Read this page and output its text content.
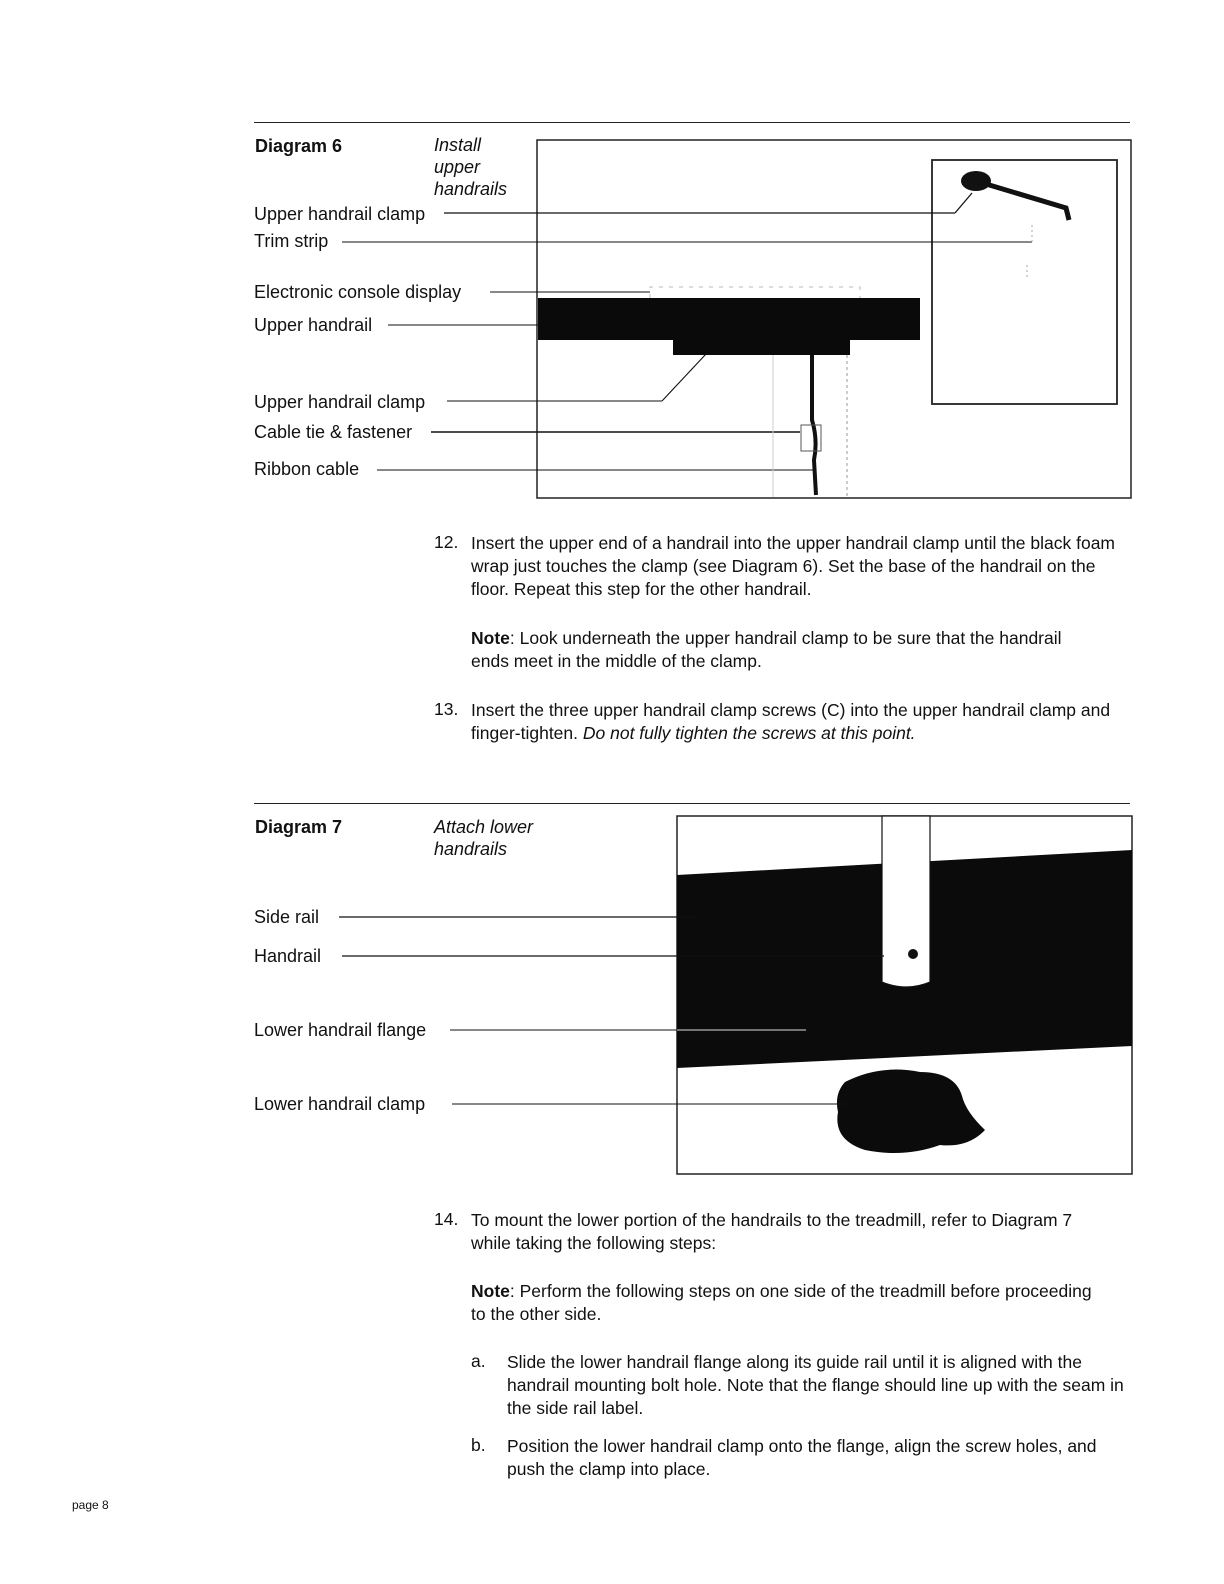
Diagram 6	Install
upper
handrails
Upper handrail clamp
Trim strip
Electronic console display
Upper handrail
Upper handrail clamp
Cable tie & fastener
Ribbon cable
12. Insert the upper end of a handrail into the upper handrail clamp until the black foam wrap just touches the clamp (see Diagram 6). Set the base of the handrail on the floor. Repeat this step for the other handrail.
Note: Look underneath the upper handrail clamp to be sure that the handrail ends meet in the middle of the clamp.
13. Insert the three upper handrail clamp screws (C) into the upper handrail clamp and finger-tighten. Do not fully tighten the screws at this point.
Diagram 7	Attach lower
handrails
Side rail
Handrail
Lower handrail flange
Lower handrail clamp
14. To mount the lower portion of the handrails to the treadmill, refer to Diagram 7 while taking the following steps:
Note: Perform the following steps on one side of the treadmill before proceeding to the other side.
a. Slide the lower handrail flange along its guide rail until it is aligned with the handrail mounting bolt hole. Note that the flange should line up with the seam in the side rail label.
b. Position the lower handrail clamp onto the flange, align the screw holes, and push the clamp into place.
page 8
